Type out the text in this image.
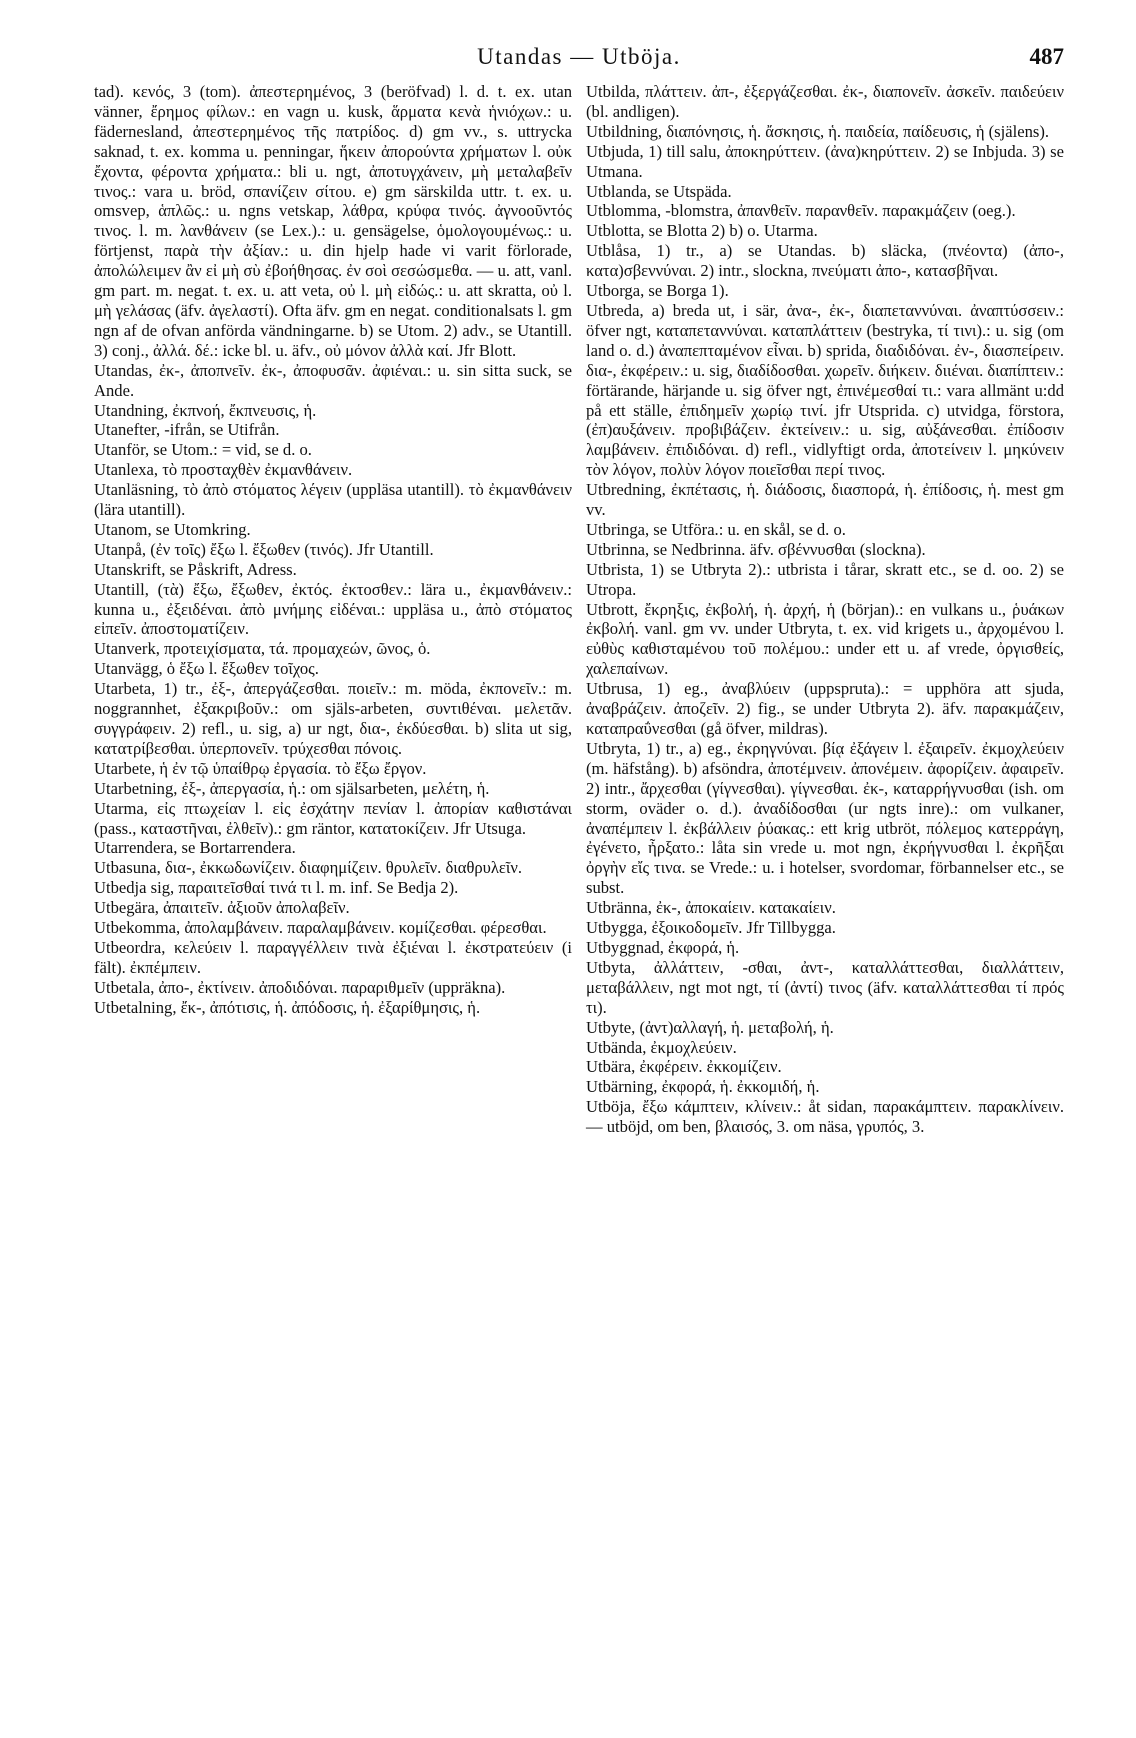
Utandas — Utböja.	487

tad). κενός, 3 (tom). ἀπεστερημένος, 3 (beröfvad) l. d. t. ex. utan vänner, ἔρημος φίλων.: en vagn u. kusk, ἅρματα κενὰ ἡνιόχων.: u. fädernesland, ἀπεστερημένος τῆς πατρίδος. d) gm vv., s. uttrycka saknad, t. ex. komma u. penningar, ἥκειν ἀπορούντα χρήματων l. οὐκ ἔχοντα, φέροντα χρήματα.: bli u. ngt, ἀποτυγχάνειν, μὴ μεταλαβεῖν τινος.: vara u. bröd, σπανίζειν σίτου. e) gm särskilda uttr. t. ex. u. omsvep, ἁπλῶς.: u. ngns vetskap, λάθρα, κρύφα τινός. ἀγνοοῦντός τινος. l. m. λανθάνειν (se Lex.).: u. gensägelse, ὁμολογουμένως.: u. förtjenst, παρὰ τὴν ἀξίαν.: u. din hjelp hade vi varit förlorade, ἀπολώλειμεν ἂν εἰ μὴ σὺ ἐβοήθησας. ἐν σοὶ σεσώσμεθα. — u. att, vanl. gm part. m. negat. t. ex. u. att veta, οὐ l. μὴ εἰδώς.: u. att skratta, οὐ l. μὴ γελάσας (äfv. ἀγελαστί). Ofta äfv. gm en negat. conditionalsats l. gm ngn af de ofvan anförda vändningarne. b) se Utom. 2) adv., se Utantill. 3) conj., ἀλλά. δέ.: icke bl. u. äfv., οὐ μόνον ἀλλὰ καί. Jfr Blott.

Utandas, ἐκ-, ἀποπνεῖν. ἐκ-, ἀποφυσᾶν. ἀφιέναι.: u. sin sitta suck, se Ande.

Utandning, ἐκπνοή, ἔκπνευσις, ἡ.

Utanefter, -ifrån, se Utifrån.

Utanför, se Utom.: = vid, se d. o.

Utanlexa, τὸ προσταχθὲν ἐκμανθάνειν.

Utanläsning, τὸ ἀπὸ στόματος λέγειν (uppläsa utantill). τὸ ἐκμανθάνειν (lära utantill).

Utanom, se Utomkring.

Utanpå, (ἐν τοῖς) ἔξω l. ἔξωθεν (τινός). Jfr Utantill.

Utanskrift, se Påskrift, Adress.

Utantill, (τὰ) ἔξω, ἔξωθεν, ἐκτός. ἐκτοσθεν.: lära u., ἐκμανθάνειν.: kunna u., ἐξειδέναι. ἀπὸ μνήμης εἰδέναι.: uppläsa u., ἀπὸ στόματος εἰπεῖν. ἀποστοματίζειν.

Utanverk, προτειχίσματα, τά. προμαχεών, ῶνος, ὁ.

Utanvägg, ὁ ἔξω l. ἔξωθεν τοῖχος.

Utarbeta, 1) tr., ἐξ-, ἀπεργάζεσθαι. ποιεῖν.: m. möda, ἐκπονεῖν.: m. noggrannhet, ἐξακριβοῦν.: om själs-arbeten, συντιθέναι. μελετᾶν. συγγράφειν. 2) refl., u. sig, a) ur ngt, δια-, ἐκδύεσθαι. b) slita ut sig, κατατρίβεσθαι. ὑπερπονεῖν. τρύχεσθαι πόνοις.

Utarbete, ἡ ἐν τῷ ὑπαίθρῳ ἐργασία. τὸ ἔξω ἔργον.

Utarbetning, ἐξ-, ἀπεργασία, ἡ.: om själsarbeten, μελέτη, ἡ.

Utarma, εἰς πτωχείαν l. εἰς ἐσχάτην πενίαν l. ἀπορίαν καθιστάναι (pass., καταστῆναι, ἐλθεῖν).: gm räntor, κατατοκίζειν. Jfr Utsuga.

Utarrendera, se Bortarrendera.

Utbasuna, δια-, ἐκκωδωνίζειν. διαφημίζειν. θρυλεῖν. διαθρυλεῖν.

Utbedja sig, παραιτεῖσθαί τινά τι l. m. inf. Se Bedja 2).

Utbegära, ἀπαιτεῖν. ἀξιοῦν ἀπολαβεῖν.

Utbekomma, ἀπολαμβάνειν. παραλαμβάνειν. κομίζεσθαι. φέρεσθαι.

Utbeordra, κελεύειν l. παραγγέλλειν τινὰ ἐξιέναι l. ἐκστρατεύειν (i fält). ἐκπέμπειν.

Utbetala, ἀπο-, ἐκτίνειν. ἀποδιδόναι. παραριθμεῖν (uppräkna).

Utbetalning, ἔκ-, ἀπότισις, ἡ. ἀπόδοσις, ἡ. ἐξαρίθμησις, ἡ.

Utbilda, πλάττειν. ἀπ-, ἐξεργάζεσθαι. ἐκ-, διαπονεῖν. ἀσκεῖν. παιδεύειν (bl. andligen).

Utbildning, διαπόνησις, ἡ. ἄσκησις, ἡ. παιδεία, παίδευσις, ἡ (själens).

Utbjuda, 1) till salu, ἀποκηρύττειν. (ἀνα)κηρύττειν. 2) se Inbjuda. 3) se Utmana.

Utblanda, se Utspäda.

Utblomma, -blomstra, ἀπανθεῖν. παρανθεῖν. παρακμάζειν (oeg.).

Utblotta, se Blotta 2) b) o. Utarma.

Utblåsa, 1) tr., a) se Utandas. b) släcka, (πνέοντα) (ἀπο-, κατα)σβεννύναι. 2) intr., slockna, πνεύματι ἀπο-, κατασβῆναι.

Utborga, se Borga 1).

Utbreda, a) breda ut, i sär, ἀνα-, ἐκ-, διαπεταννύναι. ἀναπτύσσειν.: öfver ngt, καταπεταννύναι. καταπλάττειν (bestryka, τί τινι).: u. sig (om land o. d.) ἀναπεπταμένον εἶναι. b) sprida, διαδιδόναι. ἐν-, διασπείρειν. δια-, ἐκφέρειν.: u. sig, διαδίδοσθαι. χωρεῖν. διήκειν. διιέναι. διαπίπτειν.: förtärande, härjande u. sig öfver ngt, ἐπινέμεσθαί τι.: vara allmänt u:dd på ett ställe, ἐπιδημεῖν χωρίῳ τινί. jfr Utsprida. c) utvidga, förstora, (ἐπ)αυξάνειν. προβιβάζειν. ἐκτείνειν.: u. sig, αὐξάνεσθαι. ἐπίδοσιν λαμβάνειν. ἐπιδιδόναι. d) refl., vidlyftigt orda, ἀποτείνειν l. μηκύνειν τὸν λόγον, πολὺν λόγον ποιεῖσθαι περί τινος.

Utbredning, ἐκπέτασις, ἡ. διάδοσις, διασπορά, ἡ. ἐπίδοσις, ἡ. mest gm vv.

Utbringa, se Utföra.: u. en skål, se d. o.

Utbrinna, se Nedbrinna. äfv. σβέννυσθαι (slockna).

Utbrista, 1) se Utbryta 2).: utbrista i tårar, skratt etc., se d. oo. 2) se Utropa.

Utbrott, ἔκρηξις, ἐκβολή, ἡ. ἀρχή, ἡ (början).: en vulkans u., ῥυάκων ἐκβολή. vanl. gm vv. under Utbryta, t. ex. vid krigets u., ἀρχομένου l. εὐθὺς καθισταμένου τοῦ πολέμου.: under ett u. af vrede, ὀργισθείς, χαλεπαίνων.

Utbrusa, 1) eg., ἀναβλύειν (uppspruta).: = upphöra att sjuda, ἀναβράζειν. ἀποζεῖν. 2) fig., se under Utbryta 2). äfv. παρακμάζειν, καταπραΰνεσθαι (gå öfver, mildras).

Utbryta, 1) tr., a) eg., ἐκρηγνύναι. βίᾳ ἐξάγειν l. ἐξαιρεῖν. ἐκμοχλεύειν (m. häfstång). b) afsöndra, ἀποτέμνειν. ἀπονέμειν. ἀφορίζειν. ἀφαιρεῖν. 2) intr., ἄρχεσθαι (γίγνεσθαι). γίγνεσθαι. ἐκ-, καταρρήγνυσθαι (ish. om storm, oväder o. d.). ἀναδίδοσθαι (ur ngts inre).: om vulkaner, ἀναπέμπειν l. ἐκβάλλειν ῥύακας.: ett krig utbröt, πόλεμος κατερράγη, ἐγένετο, ἦρξατο.: låta sin vrede u. mot ngn, ἐκρήγνυσθαι l. ἐκρῆξαι ὀργὴν εἴς τινα. se Vrede.: u. i hotelser, svordomar, förbannelser etc., se subst.

Utbränna, ἐκ-, ἀποκαίειν. κατακαίειν.

Utbygga, ἐξοικοδομεῖν. Jfr Tillbygga.

Utbyggnad, ἐκφορά, ἡ.

Utbyta, ἀλλάττειν, -σθαι, ἀντ-, καταλλάττεσθαι, διαλλάττειν, μεταβάλλειν, ngt mot ngt, τί (ἀντί) τινος (äfv. καταλλάττεσθαι τί πρός τι).

Utbyte, (ἀντ)αλλαγή, ἡ. μεταβολή, ἡ.

Utbända, ἐκμοχλεύειν.

Utbära, ἐκφέρειν. ἐκκομίζειν.

Utbärning, ἐκφορά, ἡ. ἐκκομιδή, ἡ.

Utböja, ἔξω κάμπτειν, κλίνειν.: åt sidan, παρακάμπτειν. παρακλίνειν. — utböjd, om ben, βλαισός, 3. om näsa, γρυπός, 3.
